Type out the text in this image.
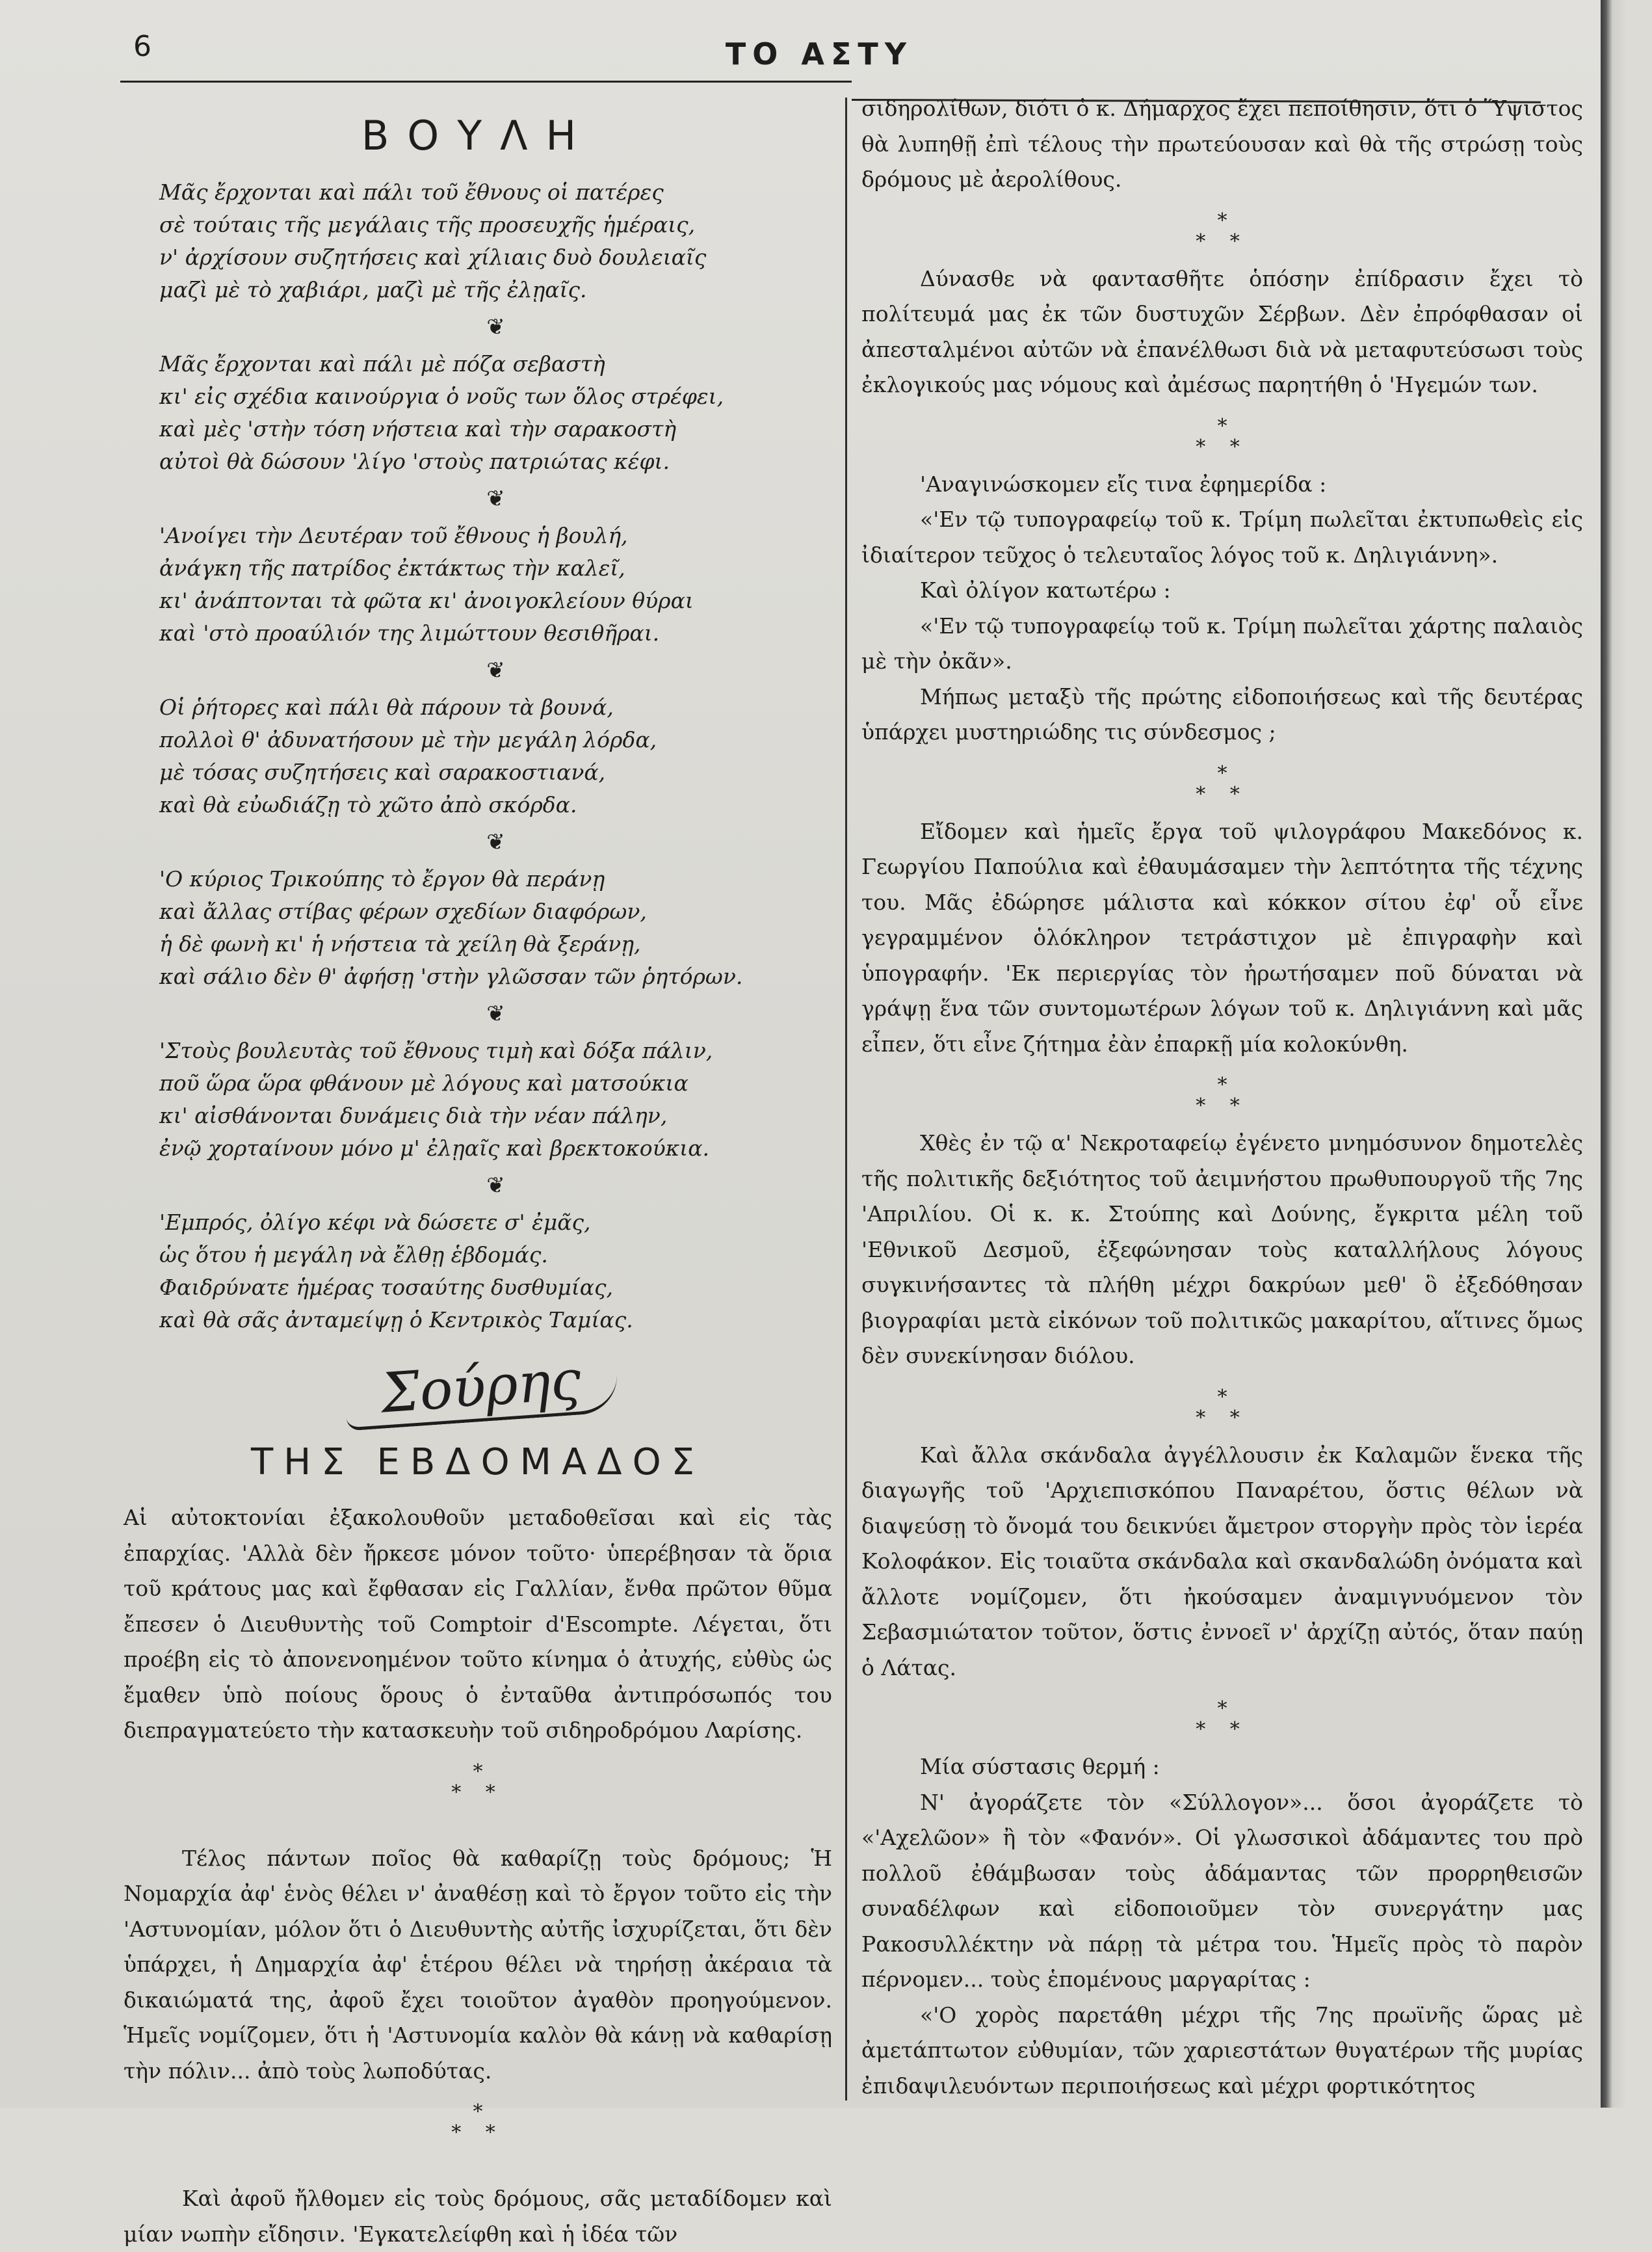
6	ΤΟ ΑΣΤΥ
ΒΟΥΛΗ
Μᾶς ἔρχονται καὶ πάλι τοῦ ἔθνους οἱ πατέρες
σὲ τούταις τῆς μεγάλαις τῆς προσευχῆς ἡμέραις,
ν' ἀρχίσουν συζητήσεις καὶ χίλιαις δυὸ δουλειαῖς
μαζὶ μὲ τὸ χαβιάρι, μαζὶ μὲ τῆς ἐλῃαῖς.
❦
Μᾶς ἔρχονται καὶ πάλι μὲ πόζα σεβαστὴ
κι' εἰς σχέδια καινούργια ὁ νοῦς των ὅλος στρέφει,
καὶ μὲς 'στὴν τόση νήστεια καὶ τὴν σαρακοστὴ
αὐτοὶ θὰ δώσουν 'λίγο 'στοὺς πατριώτας κέφι.
❦
'Ανοίγει τὴν Δευτέραν τοῦ ἔθνους ἡ βουλή,
ἀνάγκη τῆς πατρίδος ἐκτάκτως τὴν καλεῖ,
κι' ἀνάπτονται τὰ φῶτα κι' ἀνοιγοκλείουν θύραι
καὶ 'στὸ προαύλιόν της λιμώττουν θεσιθῆραι.
❦
Οἱ ῥήτορες καὶ πάλι θὰ πάρουν τὰ βουνά,
πολλοὶ θ' ἀδυνατήσουν μὲ τὴν μεγάλη λόρδα,
μὲ τόσας συζητήσεις καὶ σαρακοστιανά,
καὶ θὰ εὐωδιάζῃ τὸ χῶτο ἀπὸ σκόρδα.
❦
'Ο κύριος Τρικούπης τὸ ἔργον θὰ περάνῃ
καὶ ἄλλας στίβας φέρων σχεδίων διαφόρων,
ἡ δὲ φωνὴ κι' ἡ νήστεια τὰ χείλη θὰ ξεράνῃ,
καὶ σάλιο δὲν θ' ἀφήσῃ 'στὴν γλῶσσαν τῶν ῥητόρων.
❦
'Στοὺς βουλευτὰς τοῦ ἔθνους τιμὴ καὶ δόξα πάλιν,
ποῦ ὥρα ὥρα φθάνουν μὲ λόγους καὶ ματσούκια
κι' αἰσθάνονται δυνάμεις διὰ τὴν νέαν πάλην,
ἐνῷ χορταίνουν μόνο μ' ἐλῃαῖς καὶ βρεκτοκούκια.
❦
'Εμπρός, ὀλίγο κέφι νὰ δώσετε σ' ἐμᾶς,
ὡς ὅτου ἡ μεγάλη νὰ ἔλθῃ ἑβδομάς.
Φαιδρύνατε ἡμέρας τοσαύτης δυσθυμίας,
καὶ θὰ σᾶς ἀνταμείψῃ ὁ Κεντρικὸς Ταμίας.
Σούρης
ΤΗΣ ΕΒΔΟΜΑΔΟΣ

Αἱ αὐτοκτονίαι ἐξακολουθοῦν μεταδοθεῖσαι καὶ εἰς τὰς ἐπαρχίας. 'Αλλὰ δὲν ἤρκεσε μόνον τοῦτο· ὑπερέβησαν τὰ ὅρια τοῦ κράτους μας καὶ ἔφθασαν εἰς Γαλλίαν, ἔνθα πρῶτον θῦμα ἔπεσεν ὁ Διευθυντὴς τοῦ Comptoir d'Escompte. Λέγεται, ὅτι προέβη εἰς τὸ ἀπονενοημένον τοῦτο κίνημα ὁ ἀτυχής, εὐθὺς ὡς ἔμαθεν ὑπὸ ποίους ὅρους ὁ ἐνταῦθα ἀντιπρόσωπός του διεπραγματεύετο τὴν κατασκευὴν τοῦ σιδηροδρόμου Λαρίσης.

*
* *

Τέλος πάντων ποῖος θὰ καθαρίζῃ τοὺς δρόμους; Ἡ Νομαρχία ἀφ' ἑνὸς θέλει ν' ἀναθέσῃ καὶ τὸ ἔργον τοῦτο εἰς τὴν 'Αστυνομίαν, μόλον ὅτι ὁ Διευθυντὴς αὐτῆς ἰσχυρίζεται, ὅτι δὲν ὑπάρχει, ἡ Δημαρχία ἀφ' ἑτέρου θέλει νὰ τηρήσῃ ἀκέραια τὰ δικαιώματά της, ἀφοῦ ἔχει τοιοῦτον ἀγαθὸν προηγούμενον. Ἡμεῖς νομίζομεν, ὅτι ἡ 'Αστυνομία καλὸν θὰ κάνῃ νὰ καθαρίσῃ τὴν πόλιν... ἀπὸ τοὺς λωποδύτας.

*
* *

Καὶ ἀφοῦ ἤλθομεν εἰς τοὺς δρόμους, σᾶς μεταδίδομεν καὶ μίαν νωπὴν εἴδησιν. 'Εγκατελείφθη καὶ ἡ ἰδέα τῶν

σιδηρολίθων, διότι ὁ κ. Δήμαρχος ἔχει πεποίθησιν, ὅτι ὁ Ὕψιστος θὰ λυπηθῇ ἐπὶ τέλους τὴν πρωτεύουσαν καὶ θὰ τῆς στρώσῃ τοὺς δρόμους μὲ ἀερολίθους.

*
* *

Δύνασθε νὰ φαντασθῆτε ὁπόσην ἐπίδρασιν ἔχει τὸ πολίτευμά μας ἐκ τῶν δυστυχῶν Σέρβων. Δὲν ἐπρόφθασαν οἱ ἀπεσταλμένοι αὐτῶν νὰ ἐπανέλθωσι διὰ νὰ μεταφυτεύσωσι τοὺς ἐκλογικούς μας νόμους καὶ ἀμέσως παρητήθη ὁ 'Ηγεμών των.

*
* *

'Αναγινώσκομεν εἴς τινα ἐφημερίδα :

«'Εν τῷ τυπογραφείῳ τοῦ κ. Τρίμη πωλεῖται ἐκτυπωθεὶς εἰς ἰδιαίτερον τεῦχος ὁ τελευταῖος λόγος τοῦ κ. Δηλιγιάννη».

Καὶ ὀλίγον κατωτέρω :

«'Εν τῷ τυπογραφείῳ τοῦ κ. Τρίμη πωλεῖται χάρτης παλαιὸς μὲ τὴν ὀκᾶν».

Μήπως μεταξὺ τῆς πρώτης εἰδοποιήσεως καὶ τῆς δευτέρας ὑπάρχει μυστηριώδης τις σύνδεσμος ;

*
* *

Εἴδομεν καὶ ἡμεῖς ἔργα τοῦ ψιλογράφου Μακεδόνος κ. Γεωργίου Παπούλια καὶ ἐθαυμάσαμεν τὴν λεπτότητα τῆς τέχνης του. Μᾶς ἐδώρησε μάλιστα καὶ κόκκον σίτου ἐφ' οὗ εἶνε γεγραμμένον ὁλόκληρον τετράστιχον μὲ ἐπιγραφὴν καὶ ὑπογραφήν. 'Εκ περιεργίας τὸν ἠρωτήσαμεν ποῦ δύναται νὰ γράψῃ ἕνα τῶν συντομωτέρων λόγων τοῦ κ. Δηλιγιάννη καὶ μᾶς εἶπεν, ὅτι εἶνε ζήτημα ἐὰν ἐπαρκῇ μία κολοκύνθη.

*
* *

Χθὲς ἐν τῷ α' Νεκροταφείῳ ἐγένετο μνημόσυνον δημοτελὲς τῆς πολιτικῆς δεξιότητος τοῦ ἀειμνήστου πρωθυπουργοῦ τῆς 7ης 'Απριλίου. Οἱ κ. κ. Στούπης καὶ Δούνης, ἔγκριτα μέλη τοῦ 'Εθνικοῦ Δεσμοῦ, ἐξεφώνησαν τοὺς καταλλήλους λόγους συγκινήσαντες τὰ πλήθη μέχρι δακρύων μεθ' ὃ ἐξεδόθησαν βιογραφίαι μετὰ εἰκόνων τοῦ πολιτικῶς μακαρίτου, αἵτινες ὅμως δὲν συνεκίνησαν διόλου.

*
* *

Καὶ ἄλλα σκάνδαλα ἀγγέλλουσιν ἐκ Καλαμῶν ἕνεκα τῆς διαγωγῆς τοῦ 'Αρχιεπισκόπου Παναρέτου, ὅστις θέλων νὰ διαψεύσῃ τὸ ὄνομά του δεικνύει ἄμετρον στοργὴν πρὸς τὸν ἱερέα Κολοφάκον. Εἰς τοιαῦτα σκάνδαλα καὶ σκανδαλώδη ὀνόματα καὶ ἄλλοτε νομίζομεν, ὅτι ἠκούσαμεν ἀναμιγνυόμενον τὸν Σεβασμιώτατον τοῦτον, ὅστις ἐννοεῖ ν' ἀρχίζῃ αὐτός, ὅταν παύῃ ὁ Λάτας.

*
* *

Μία σύστασις θερμή :

Ν' ἀγοράζετε τὸν «Σύλλογον»... ὅσοι ἀγοράζετε τὸ «'Αχελῶον» ἢ τὸν «Φανόν». Οἱ γλωσσικοὶ ἀδάμαντες του πρὸ πολλοῦ ἐθάμβωσαν τοὺς ἀδάμαντας τῶν προρρηθεισῶν συναδέλφων καὶ εἰδοποιοῦμεν τὸν συνεργάτην μας Ρακοσυλλέκτην νὰ πάρῃ τὰ μέτρα του. Ἡμεῖς πρὸς τὸ παρὸν πέρνομεν... τοὺς ἑπομένους μαργαρίτας :

«'Ο χορὸς παρετάθη μέχρι τῆς 7ης πρωϊνῆς ὥρας μὲ ἀμετάπτωτον εὐθυμίαν, τῶν χαριεστάτων θυγατέρων τῆς μυρίας ἐπιδαψιλευόντων περιποιήσεως καὶ μέχρι φορτικότητος
